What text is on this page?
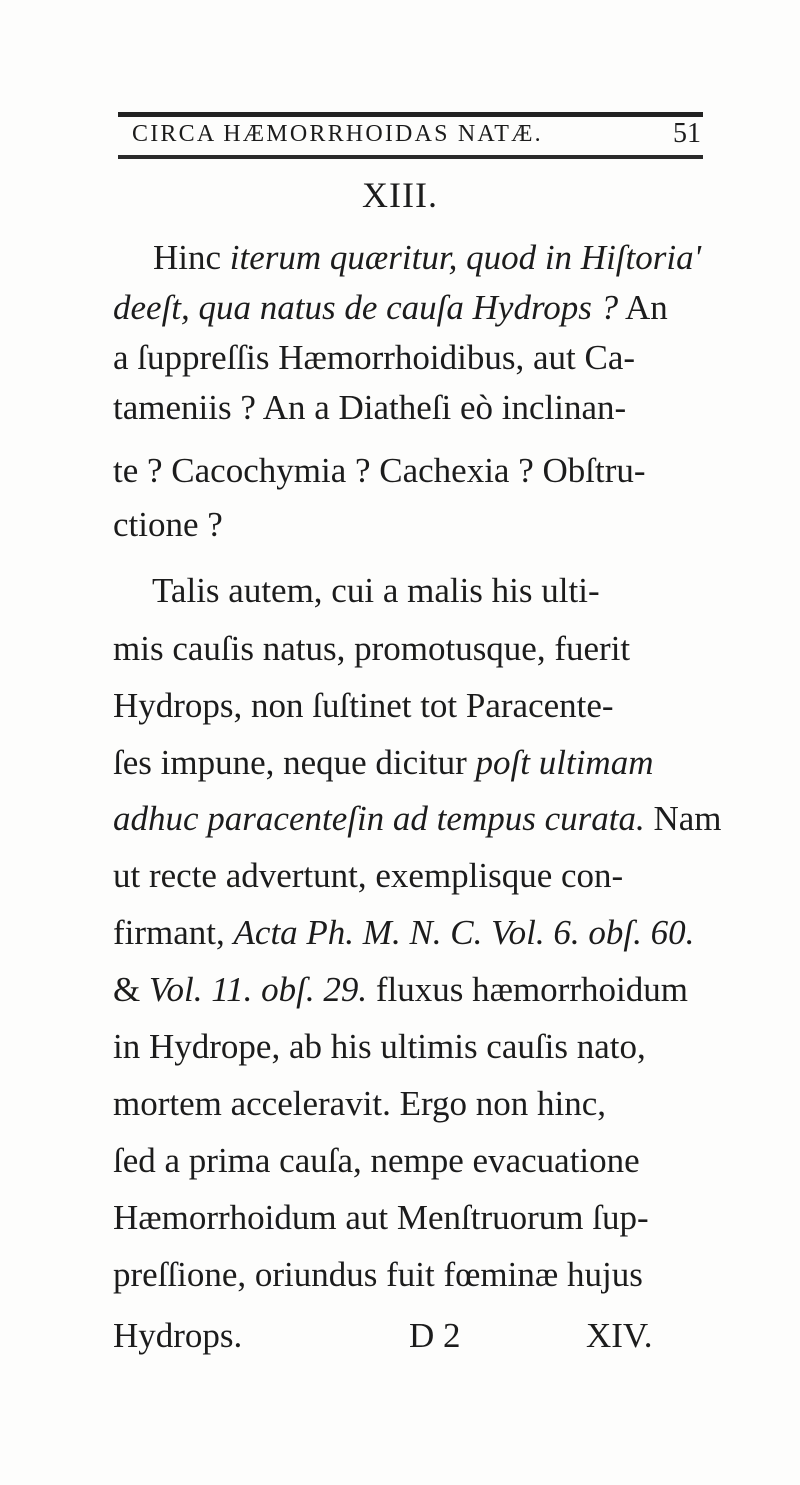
CIRCA HÆMORRHOIDAS NATÆ.	51
XIII.
Hinc iterum quæritur, quod in Hiſtoria'
deeſt, qua natus de cauſa Hydrops ? An
a ſuppreſſis Hæmorrhoidibus, aut Ca-
tameniis ? An a Diatheſi eò inclinan-
te ? Cacochymia ? Cachexia ? Obſtru-
ctione ?
Talis autem, cui a malis his ulti-
mis cauſis natus, promotusque, fuerit
Hydrops, non ſuſtinet tot Paracente-
ſes impune, neque dicitur poſt ultimam
adhuc paracenteſin ad tempus curata. Nam
ut recte advertunt, exemplisque con-
firmant, Acta Ph. M. N. C. Vol. 6. obſ. 60.
& Vol. 11. obſ. 29. fluxus hæmorrhoidum
in Hydrope, ab his ultimis cauſis nato,
mortem acceleravit. Ergo non hinc,
ſed a prima cauſa, nempe evacuatione
Hæmorrhoidum aut Menſtruorum ſup-
preſſione, oriundus fuit fœminæ hujus
Hydrops.	D 2	XIV.
